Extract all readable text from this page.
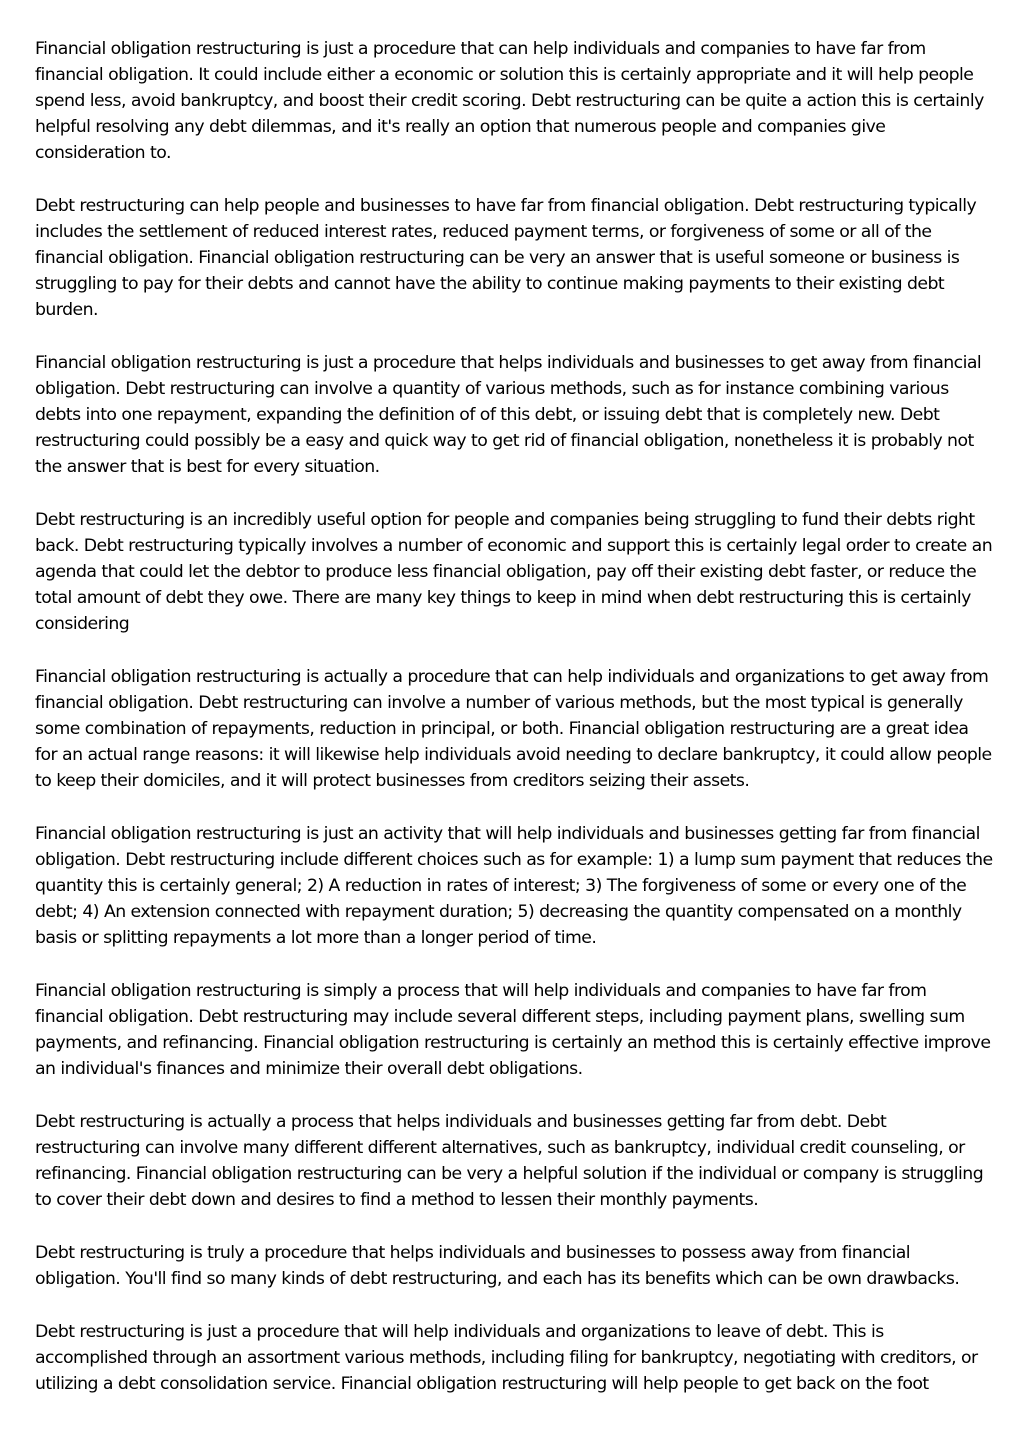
Financial obligation restructuring is just a procedure that can help individuals and companies to have far from financial obligation. It could include either a economic or solution this is certainly appropriate and it will help people spend less, avoid bankruptcy, and boost their credit scoring. Debt restructuring can be quite a action this is certainly helpful resolving any debt dilemmas, and it's really an option that numerous people and companies give consideration to.

Debt restructuring can help people and businesses to have far from financial obligation. Debt restructuring typically includes the settlement of reduced interest rates, reduced payment terms, or forgiveness of some or all of the financial obligation. Financial obligation restructuring can be very an answer that is useful someone or business is struggling to pay for their debts and cannot have the ability to continue making payments to their existing debt burden.

Financial obligation restructuring is just a procedure that helps individuals and businesses to get away from financial obligation. Debt restructuring can involve a quantity of various methods, such as for instance combining various debts into one repayment, expanding the definition of of this debt, or issuing debt that is completely new. Debt restructuring could possibly be a easy and quick way to get rid of financial obligation, nonetheless it is probably not the answer that is best for every situation.

Debt restructuring is an incredibly useful option for people and companies being struggling to fund their debts right back. Debt restructuring typically involves a number of economic and support this is certainly legal order to create an agenda that could let the debtor to produce less financial obligation, pay off their existing debt faster, or reduce the total amount of debt they owe. There are many key things to keep in mind when debt restructuring this is certainly considering

Financial obligation restructuring is actually a procedure that can help individuals and organizations to get away from financial obligation. Debt restructuring can involve a number of various methods, but the most typical is generally some combination of repayments, reduction in principal, or both. Financial obligation restructuring are a great idea for an actual range reasons: it will likewise help individuals avoid needing to declare bankruptcy, it could allow people to keep their domiciles, and it will protect businesses from creditors seizing their assets.

Financial obligation restructuring is just an activity that will help individuals and businesses getting far from financial obligation. Debt restructuring include different choices such as for example: 1) a lump sum payment that reduces the quantity this is certainly general; 2) A reduction in rates of interest; 3) The forgiveness of some or every one of the debt; 4) An extension connected with repayment duration; 5) decreasing the quantity compensated on a monthly basis or splitting repayments a lot more than a longer period of time.

Financial obligation restructuring is simply a process that will help individuals and companies to have far from financial obligation. Debt restructuring may include several different steps, including payment plans, swelling sum payments, and refinancing. Financial obligation restructuring is certainly an method this is certainly effective improve an individual's finances and minimize their overall debt obligations.

Debt restructuring is actually a process that helps individuals and businesses getting far from debt. Debt restructuring can involve many different different alternatives, such as bankruptcy, individual credit counseling, or refinancing. Financial obligation restructuring can be very a helpful solution if the individual or company is struggling to cover their debt down and desires to find a method to lessen their monthly payments.

Debt restructuring is truly a procedure that helps individuals and businesses to possess away from financial obligation. You'll find so many kinds of debt restructuring, and each has its benefits which can be own drawbacks.

Debt restructuring is just a procedure that will help individuals and organizations to leave of debt. This is accomplished through an assortment various methods, including filing for bankruptcy, negotiating with creditors, or utilizing a debt consolidation service. Financial obligation restructuring will help people to get back on the foot
